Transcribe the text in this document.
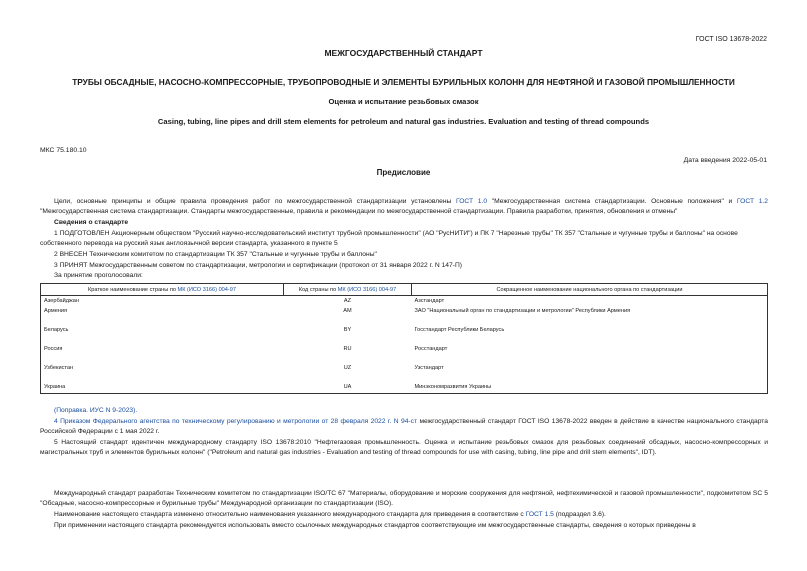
ГОСТ ISO 13678-2022
МЕЖГОСУДАРСТВЕННЫЙ СТАНДАРТ
ТРУБЫ ОБСАДНЫЕ, НАСОСНО-КОМПРЕССОРНЫЕ, ТРУБОПРОВОДНЫЕ И ЭЛЕМЕНТЫ БУРИЛЬНЫХ КОЛОНН ДЛЯ НЕФТЯНОЙ И ГАЗОВОЙ ПРОМЫШЛЕННОСТИ
Оценка и испытание резьбовых смазок
Casing, tubing, line pipes and drill stem elements for petroleum and natural gas industries. Evaluation and testing of thread compounds
МКС 75.180.10
Дата введения 2022-05-01
Предисловие
Цели, основные принципы и общие правила проведения работ по межгосударственной стандартизации установлены ГОСТ 1.0 "Межгосударственная система стандартизации. Основные положения" и ГОСТ 1.2 "Межгосударственная система стандартизации. Стандарты межгосударственные, правила и рекомендации по межгосударственной стандартизации. Правила разработки, принятия, обновления и отмены"
Сведения о стандарте
1 ПОДГОТОВЛЕН Акционерным обществом "Русский научно-исследовательский институт трубной промышленности" (АО "РусНИТИ") и ПК 7 "Нарезные трубы" ТК 357 "Стальные и чугунные трубы и баллоны" на основе собственного перевода на русский язык англоязычной версии стандарта, указанного в пункте 5
2 ВНЕСЕН Техническим комитетом по стандартизации ТК 357 "Стальные и чугунные трубы и баллоны"
3 ПРИНЯТ Межгосударственным советом по стандартизации, метрологии и сертификации (протокол от 31 января 2022 г. N 147-П)
За принятие проголосовали:
Краткое наименование страны по МК (ИСО 3166) 004-97	Код страны по МК (ИСО 3166) 004-97	Сокращенное наименование национального органа по стандартизации
Азербайджан	AZ	Азстандарт
Армения	AM	ЗАО "Национальный орган по стандартизации и метрологии" Республики Армения
Беларусь	BY	Госстандарт Республики Беларусь
Россия	RU	Росстандарт
Узбекистан	UZ	Узстандарт
Украина	UA	Минэкономразвития Украины
(Поправка. ИУС N 9-2023).
4 Приказом Федерального агентства по техническому регулированию и метрологии от 28 февраля 2022 г. N 94-ст межгосударственный стандарт ГОСТ ISO 13678-2022 введен в действие в качестве национального стандарта Российской Федерации с 1 мая 2022 г.
5 Настоящий стандарт идентичен международному стандарту ISO 13678:2010 "Нефтегазовая промышленность. Оценка и испытание резьбовых смазок для резьбовых соединений обсадных, насосно-компрессорных и магистральных труб и элементов бурильных колонн" ("Petroleum and natural gas industries - Evaluation and testing of thread compounds for use with casing, tubing, line pipe and drill stem elements", IDT).
Международный стандарт разработан Техническим комитетом по стандартизации ISO/TC 67 "Материалы, оборудование и морские сооружения для нефтяной, нефтехимической и газовой промышленности", подкомитетом SC 5 "Обсадные, насосно-компрессорные и бурильные трубы" Международной организации по стандартизации (ISO).
Наименование настоящего стандарта изменено относительно наименования указанного международного стандарта для приведения в соответствие с ГОСТ 1.5 (подраздел 3.6).
При применении настоящего стандарта рекомендуется использовать вместо ссылочных международных стандартов соответствующие им межгосударственные стандарты, сведения о которых приведены в
